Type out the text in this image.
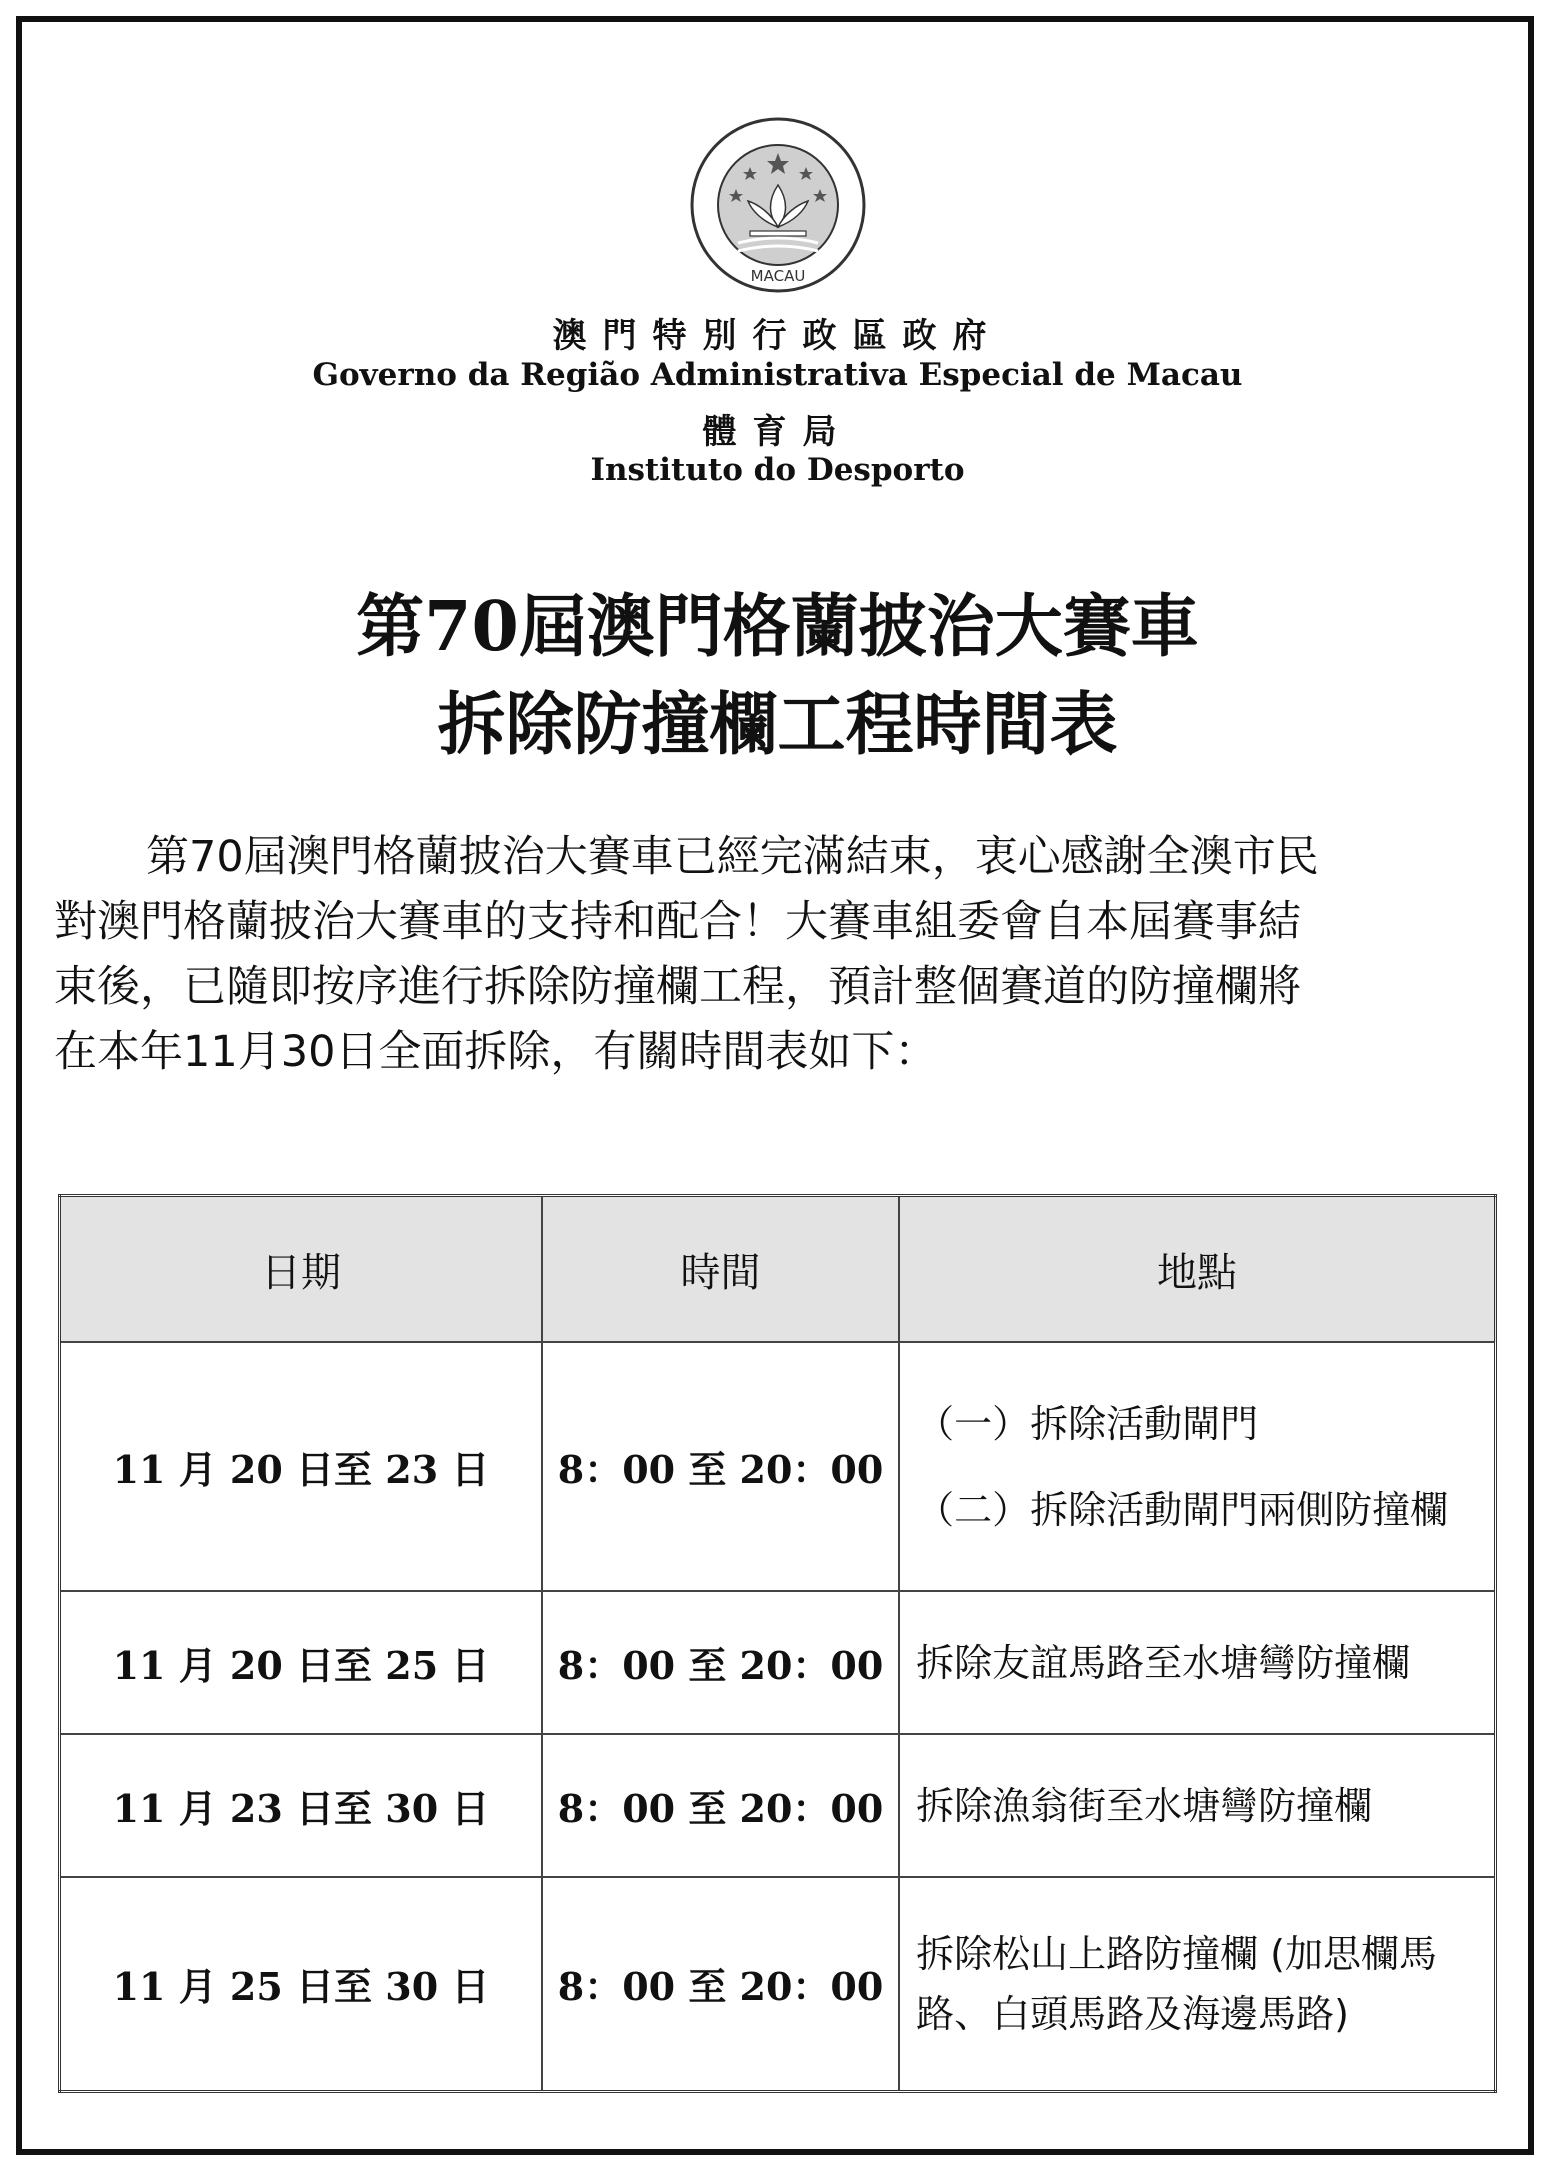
MACAU
澳門特別行政區政府
Governo da Região Administrativa Especial de Macau
體育局
Instituto do Desporto
第70屆澳門格蘭披治大賽車
拆除防撞欄工程時間表
第70屆澳門格蘭披治大賽車已經完滿結束，衷心感謝全澳市民
對澳門格蘭披治大賽車的支持和配合！大賽車組委會自本屆賽事結
束後，已隨即按序進行拆除防撞欄工程，預計整個賽道的防撞欄將
在本年11月30日全面拆除，有關時間表如下：
日期	時間	地點
11 月 20 日至 23 日	8：00 至 20：00	（一）拆除活動閘門
（二）拆除活動閘門兩側防撞欄

11 月 20 日至 25 日	8：00 至 20：00	拆除友誼馬路至水塘彎防撞欄

11 月 23 日至 30 日	8：00 至 20：00	拆除漁翁街至水塘彎防撞欄

11 月 25 日至 30 日	8：00 至 20：00	拆除松山上路防撞欄 (加思欄馬
路、白頭馬路及海邊馬路)
